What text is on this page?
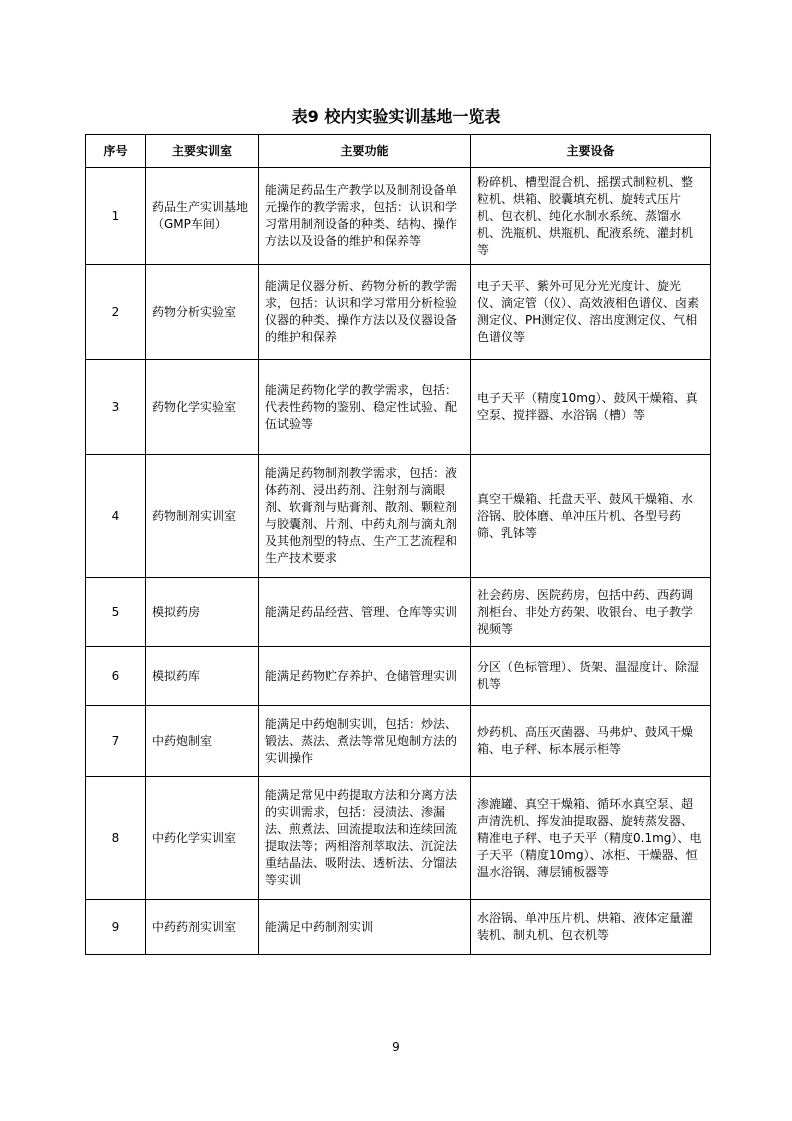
表9 校内实验实训基地一览表
序号	主要实训室	主要功能	主要设备
1	药品生产实训基地（GMP车间）	能满足药品生产教学以及制剂设备单元操作的教学需求，包括：认识和学习常用制剂设备的种类、结构、操作方法以及设备的维护和保养等	粉碎机、槽型混合机、摇摆式制粒机、整粒机、烘箱、胶囊填充机、旋转式压片机、包衣机、纯化水制水系统、蒸馏水机、洗瓶机、烘瓶机、配液系统、灌封机等
2	药物分析实验室	能满足仪器分析、药物分析的教学需求，包括：认识和学习常用分析检验仪器的种类、操作方法以及仪器设备的维护和保养	电子天平、紫外可见分光光度计、旋光仪、滴定管（仪）、高效液相色谱仪、卤素测定仪、PH测定仪、溶出度测定仪、气相色谱仪等
3	药物化学实验室	能满足药物化学的教学需求，包括：代表性药物的鉴别、稳定性试验、配伍试验等	电子天平（精度10mg）、鼓风干燥箱、真空泵、搅拌器、水浴锅（槽）等
4	药物制剂实训室	能满足药物制剂教学需求，包括：液体药剂、浸出药剂、注射剂与滴眼剂、软膏剂与贴膏剂、散剂、颗粒剂与胶囊剂、片剂、中药丸剂与滴丸剂及其他剂型的特点、生产工艺流程和生产技术要求	真空干燥箱、托盘天平、鼓风干燥箱、水浴锅、胶体磨、单冲压片机、各型号药筛、乳钵等
5	模拟药房	能满足药品经营、管理、仓库等实训	社会药房、医院药房，包括中药、西药调剂柜台、非处方药架、收银台、电子教学视频等
6	模拟药库	能满足药物贮存养护、仓储管理实训	分区（色标管理）、货架、温湿度计、除湿机等
7	中药炮制室	能满足中药炮制实训，包括：炒法、锻法、蒸法、煮法等常见炮制方法的实训操作	炒药机、高压灭菌器、马弗炉、鼓风干燥箱、电子秤、标本展示柜等
8	中药化学实训室	能满足常见中药提取方法和分离方法的实训需求，包括：浸渍法、渗漏法、煎煮法、回流提取法和连续回流提取法等；两相溶剂萃取法、沉淀法重结晶法、吸附法、透析法、分馏法等实训	渗漉罐、真空干燥箱、循环水真空泵、超声清洗机、挥发油提取器、旋转蒸发器、精准电子秤、电子天平（精度0.1mg）、电子天平（精度10mg）、冰柜、干燥器、恒温水浴锅、薄层铺板器等
9	中药药剂实训室	能满足中药制剂实训	水浴锅、单冲压片机、烘箱、液体定量灌装机、制丸机、包衣机等
9
